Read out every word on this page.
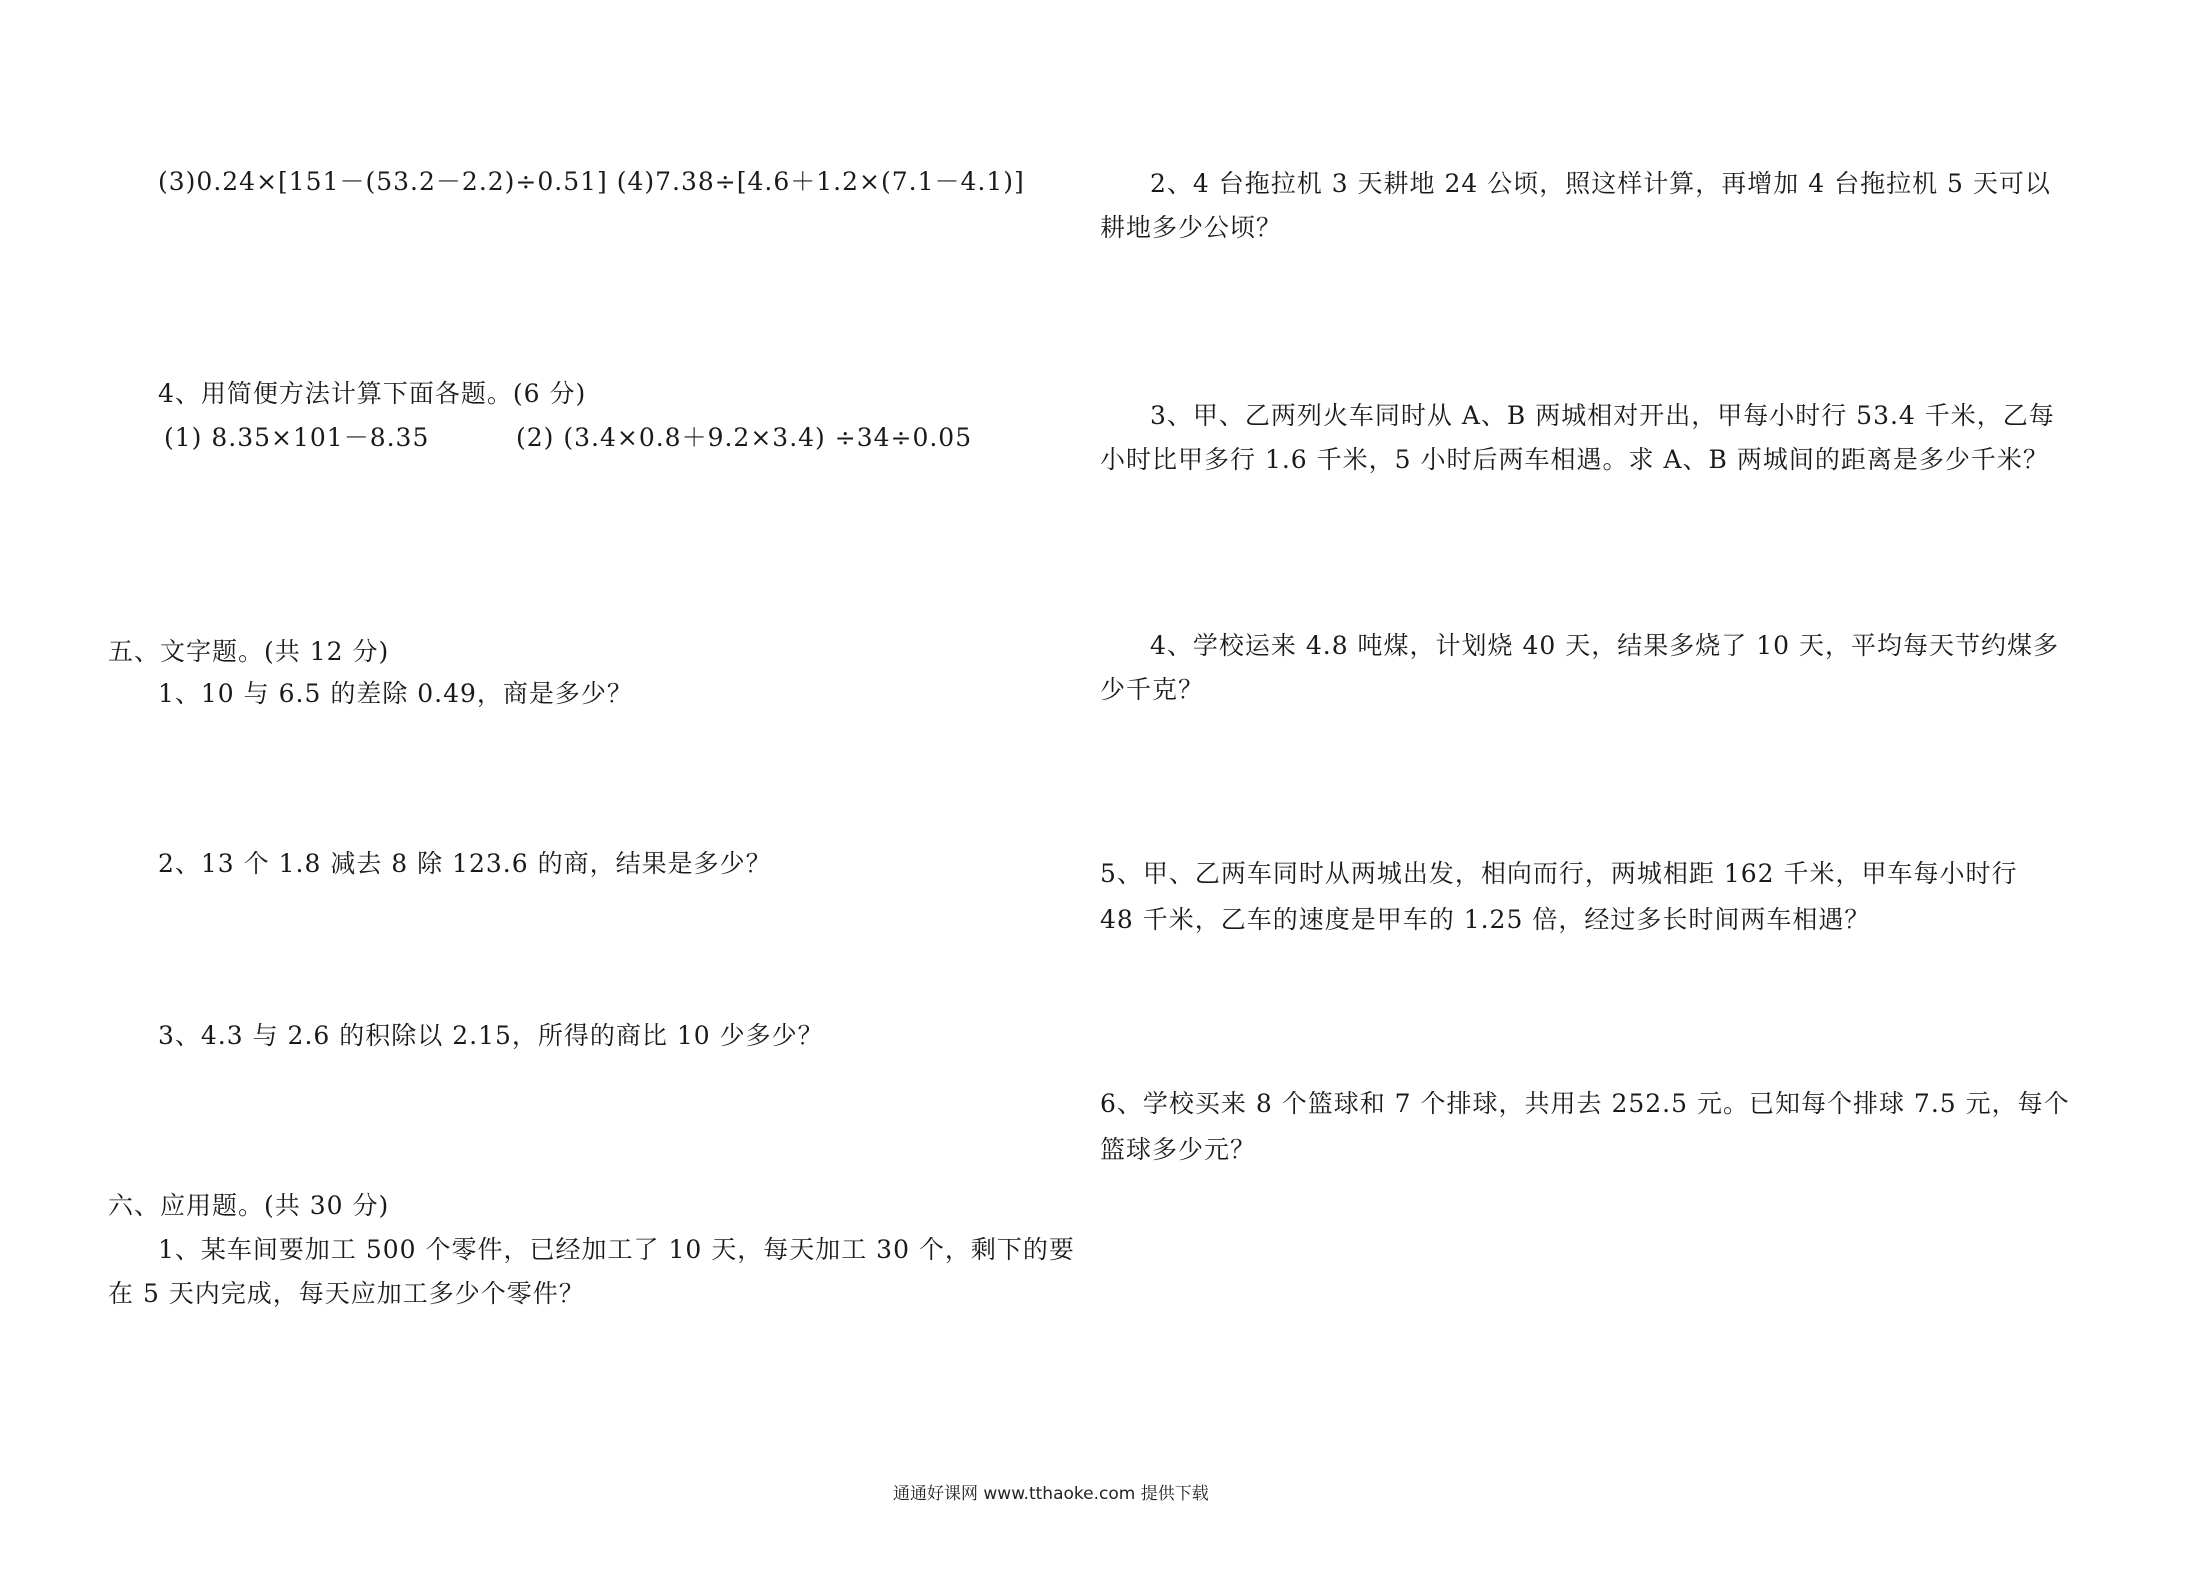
(3)0.24×[151－(53.2－2.2)÷0.51] (4)7.38÷[4.6＋1.2×(7.1－4.1)]
4、用简便方法计算下面各题。(6 分)
(1) 8.35×101－8.35	(2) (3.4×0.8＋9.2×3.4) ÷34÷0.05
五、文字题。(共 12 分)
1、10 与 6.5 的差除 0.49，商是多少？
2、13 个 1.8 减去 8 除 123.6 的商，结果是多少？
3、4.3 与 2.6 的积除以 2.15，所得的商比 10 少多少？
六、应用题。(共 30 分)
1、某车间要加工 500 个零件，已经加工了 10 天，每天加工 30 个，剩下的要
在 5 天内完成，每天应加工多少个零件？
2、4 台拖拉机 3 天耕地 24 公顷，照这样计算，再增加 4 台拖拉机 5 天可以
耕地多少公顷？
3、甲、乙两列火车同时从 A、B 两城相对开出，甲每小时行 53.4 千米，乙每
小时比甲多行 1.6 千米，5 小时后两车相遇。求 A、B 两城间的距离是多少千米？
4、学校运来 4.8 吨煤，计划烧 40 天，结果多烧了 10 天，平均每天节约煤多
少千克？
5、甲、乙两车同时从两城出发，相向而行，两城相距 162 千米，甲车每小时行
48 千米，乙车的速度是甲车的 1.25 倍，经过多长时间两车相遇？
6、学校买来 8 个篮球和 7 个排球，共用去 252.5 元。已知每个排球 7.5 元，每个
篮球多少元？
通通好课网 www.tthaoke.com 提供下载
